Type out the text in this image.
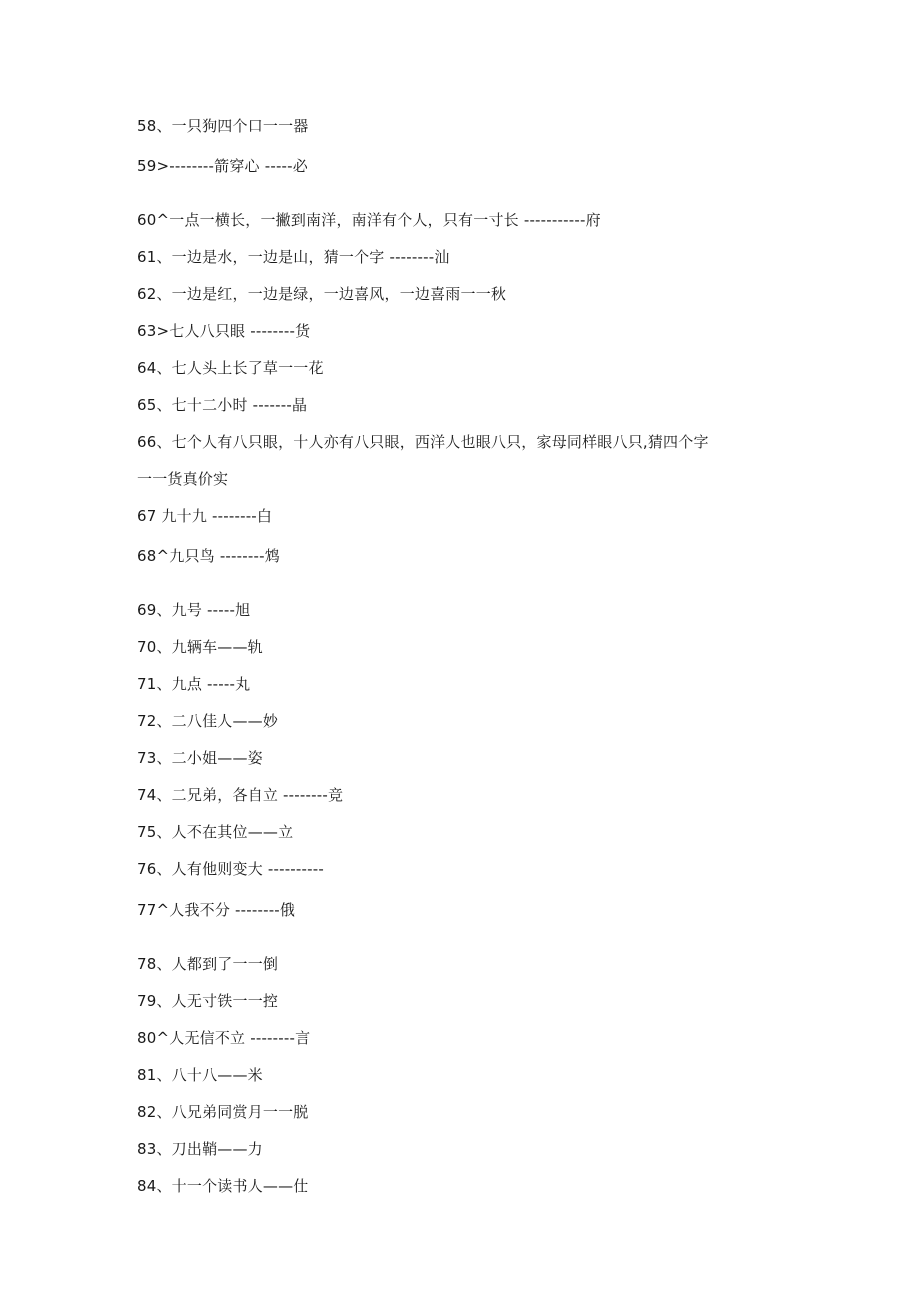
58、一只狗四个口一一器
59>--------箭穿心 -----必
60^一点一横长，一撇到南洋，南洋有个人，只有一寸长 -----------府
61、一边是水，一边是山，猜一个字 --------汕
62、一边是红，一边是绿，一边喜风，一边喜雨一一秋
63>七人八只眼 --------货
64、七人头上长了草一一花
65、七十二小时 -------晶
66、七个人有八只眼，十人亦有八只眼，西洋人也眼八只，家母同样眼八只,猜四个字
一一货真价实
67 九十九 --------白
68^九只鸟 --------鸩
69、九号 -----旭
70、九辆车——轨
71、九点 -----丸
72、二八佳人——妙
73、二小姐——姿
74、二兄弟，各自立 --------竞
75、人不在其位——立
76、人有他则变大 ----------
77^人我不分 --------俄
78、人都到了一一倒
79、人无寸铁一一控
80^人无信不立 --------言
81、八十八——米
82、八兄弟同赏月一一脱
83、刀出鞘——力
84、十一个读书人——仕
